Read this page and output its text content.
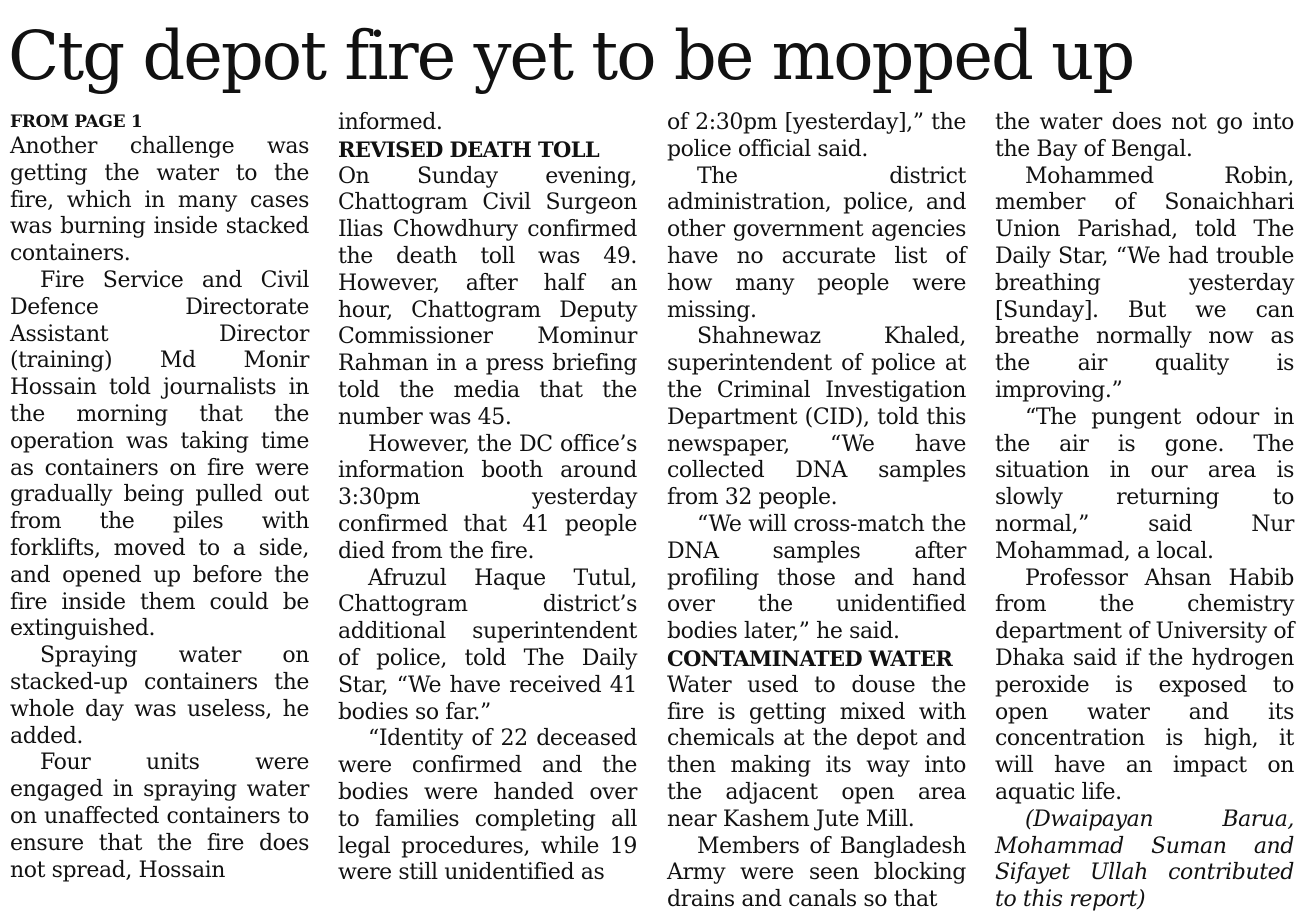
Ctg depot fire yet to be mopped up
FROM PAGE 1

Another challenge was getting the water to the fire, which in many cases was burning inside stacked containers.

Fire Service and Civil Defence Directorate Assistant Director (training) Md Monir Hossain told journalists in the morning that the operation was taking time as containers on fire were gradually being pulled out from the piles with forklifts, moved to a side, and opened up before the fire inside them could be extinguished.

Spraying water on stacked-up containers the whole day was useless, he added.

Four units were engaged in spraying water on unaffected containers to ensure that the fire does not spread, Hossain

informed.

REVISED DEATH TOLL

On Sunday evening, Chattogram Civil Surgeon Ilias Chowdhury confirmed the death toll was 49. However, after half an hour, Chattogram Deputy Commissioner Mominur Rahman in a press briefing told the media that the number was 45.

However, the DC office’s information booth around 3:30pm yesterday confirmed that 41 people died from the fire.

Afruzul Haque Tutul, Chattogram district’s additional superintendent of police, told The Daily Star, “We have received 41 bodies so far.”

“Identity of 22 deceased were confirmed and the bodies were handed over to families completing all legal procedures, while 19 were still unidentified as

of 2:30pm [yesterday],” the police official said.

The district administration, police, and other government agencies have no accurate list of how many people were missing.

Shahnewaz Khaled, superintendent of police at the Criminal Investigation Department (CID), told this newspaper, “We have collected DNA samples from 32 people.

“We will cross-match the DNA samples after profiling those and hand over the unidentified bodies later,” he said.

CONTAMINATED WATER

Water used to douse the fire is getting mixed with chemicals at the depot and then making its way into the adjacent open area near Kashem Jute Mill.

Members of Bangladesh Army were seen blocking drains and canals so that

the water does not go into the Bay of Bengal.

Mohammed Robin, member of Sonaichhari Union Parishad, told The Daily Star, “We had trouble breathing yesterday [Sunday]. But we can breathe normally now as the air quality is improving.”

“The pungent odour in the air is gone. The situation in our area is slowly returning to normal,” said Nur Mohammad, a local.

Professor Ahsan Habib from the chemistry department of University of Dhaka said if the hydrogen peroxide is exposed to open water and its concentration is high, it will have an impact on aquatic life.

(Dwaipayan Barua, Mohammad Suman and Sifayet Ullah contributed to this report)
